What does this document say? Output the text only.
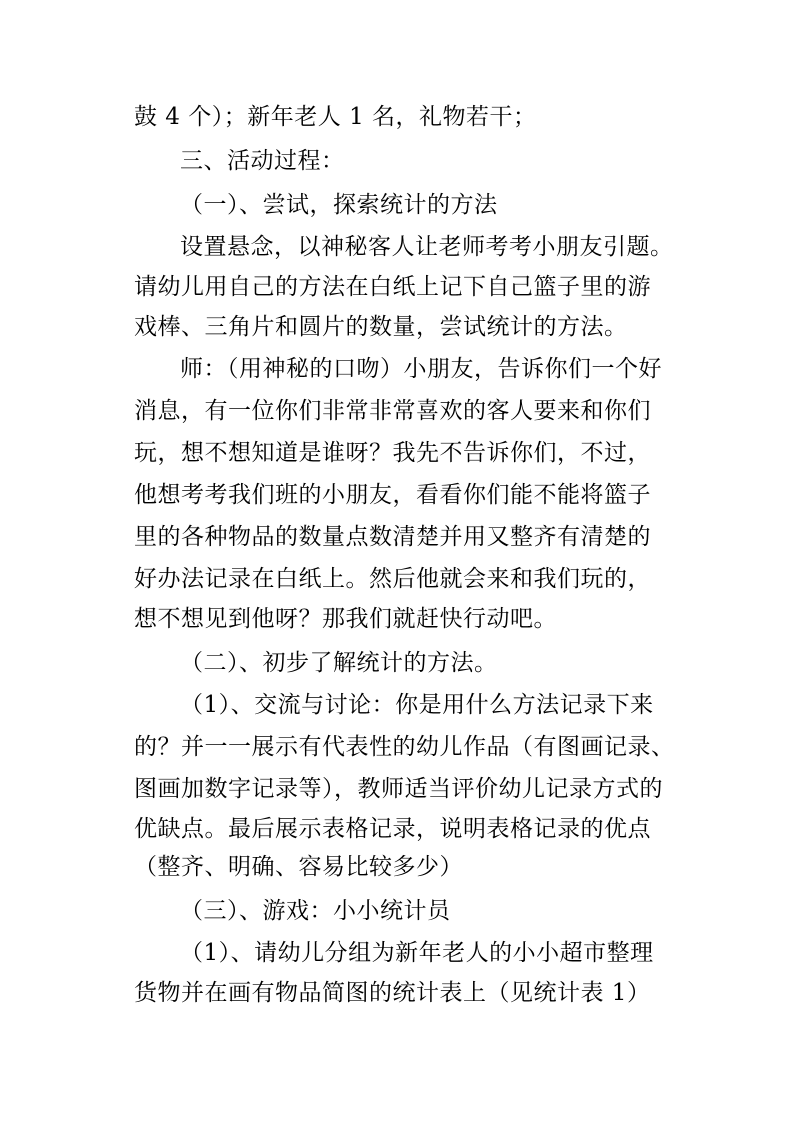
鼓 4 个）；新年老人 1 名，礼物若干；
三、活动过程：
（一）、尝试，探索统计的方法
设置悬念，以神秘客人让老师考考小朋友引题。
请幼儿用自己的方法在白纸上记下自己篮子里的游
戏棒、三角片和圆片的数量，尝试统计的方法。
师：（用神秘的口吻）小朋友，告诉你们一个好
消息，有一位你们非常非常喜欢的客人要来和你们
玩，想不想知道是谁呀？我先不告诉你们，不过，
他想考考我们班的小朋友，看看你们能不能将篮子
里的各种物品的数量点数清楚并用又整齐有清楚的
好办法记录在白纸上。然后他就会来和我们玩的，
想不想见到他呀？那我们就赶快行动吧。
（二）、初步了解统计的方法。
（1）、交流与讨论：你是用什么方法记录下来
的？并一一展示有代表性的幼儿作品（有图画记录、
图画加数字记录等），教师适当评价幼儿记录方式的
优缺点。最后展示表格记录，说明表格记录的优点
（整齐、明确、容易比较多少）
（三）、游戏：小小统计员
（1）、请幼儿分组为新年老人的小小超市整理
货物并在画有物品简图的统计表上（见统计表 1）
